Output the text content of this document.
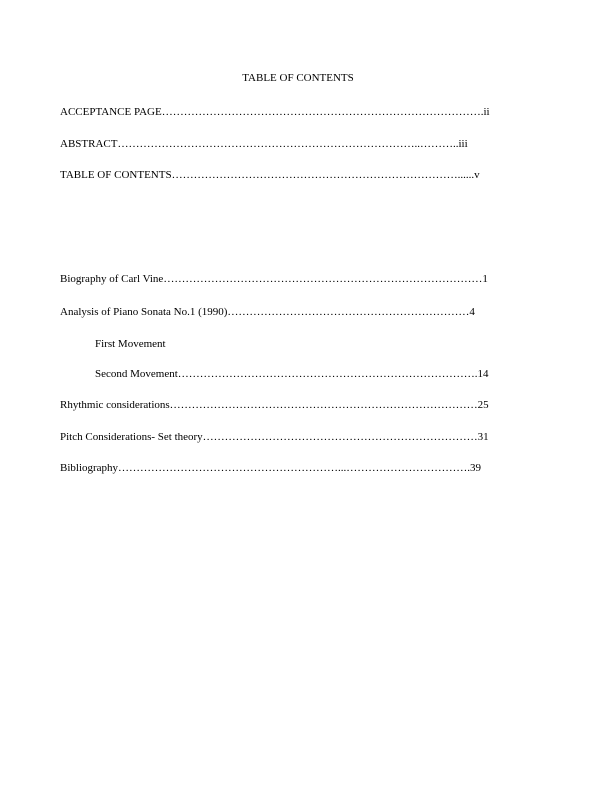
TABLE OF CONTENTS
ACCEPTANCE PAGE…………………………………………………………………………….ii
ABSTRACT………………………………………………………………………..………..iii
TABLE OF CONTENTS……………………………………………………………………......v
Biography of Carl Vine……………………………………………………………………………1
Analysis of Piano Sonata No.1 (1990)…………………………………………………………4
First Movement
Second Movement……………………………………………………………………….14
Rhythmic considerations…………………………………………………………………………25
Pitch Considerations- Set theory…………………………………………………………………31
Bibliography……………………………………………………...…………………………….39
